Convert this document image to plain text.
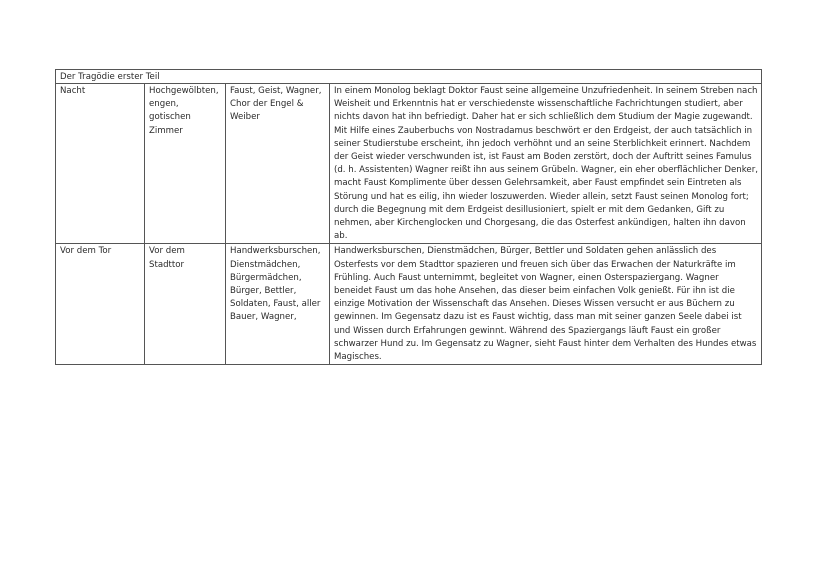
Der Tragödie erster Teil			
Nacht	Hochgewölbten, engen, gotischen Zimmer	Faust, Geist, Wagner, Chor der Engel & Weiber	In einem Monolog beklagt Doktor Faust seine allgemeine Unzufriedenheit. In seinem Streben nach Weisheit und Erkenntnis hat er verschiedenste wissenschaftliche Fachrichtungen studiert, aber nichts davon hat ihn befriedigt. Daher hat er sich schließlich dem Studium der Magie zugewandt. Mit Hilfe eines Zauberbuchs von Nostradamus beschwört er den Erdgeist, der auch tatsächlich in seiner Studierstube erscheint, ihn jedoch verhöhnt und an seine Sterblichkeit erinnert. Nachdem der Geist wieder verschwunden ist, ist Faust am Boden zerstört, doch der Auftritt seines Famulus (d. h. Assistenten) Wagner reißt ihn aus seinem Grübeln. Wagner, ein eher oberflächlicher Denker, macht Faust Komplimente über dessen Gelehrsamkeit, aber Faust empfindet sein Eintreten als Störung und hat es eilig, ihn wieder loszuwerden. Wieder allein, setzt Faust seinen Monolog fort; durch die Begegnung mit dem Erdgeist desillusioniert, spielt er mit dem Gedanken, Gift zu nehmen, aber Kirchenglocken und Chorgesang, die das Osterfest ankündigen, halten ihn davon ab.
Vor dem Tor	Vor dem Stadttor	Handwerksburschen, Dienstmädchen, Bürgermädchen, Bürger, Bettler, Soldaten, Faust, aller Bauer, Wagner,	Handwerksburschen, Dienstmädchen, Bürger, Bettler und Soldaten gehen anlässlich des Osterfests vor dem Stadttor spazieren und freuen sich über das Erwachen der Naturkräfte im Frühling. Auch Faust unternimmt, begleitet von Wagner, einen Osterspaziergang. Wagner beneidet Faust um das hohe Ansehen, das dieser beim einfachen Volk genießt. Für ihn ist die einzige Motivation der Wissenschaft das Ansehen. Dieses Wissen versucht er aus Büchern zu gewinnen. Im Gegensatz dazu ist es Faust wichtig, dass man mit seiner ganzen Seele dabei ist und Wissen durch Erfahrungen gewinnt. Während des Spaziergangs läuft Faust ein großer schwarzer Hund zu. Im Gegensatz zu Wagner, sieht Faust hinter dem Verhalten des Hundes etwas Magisches.
